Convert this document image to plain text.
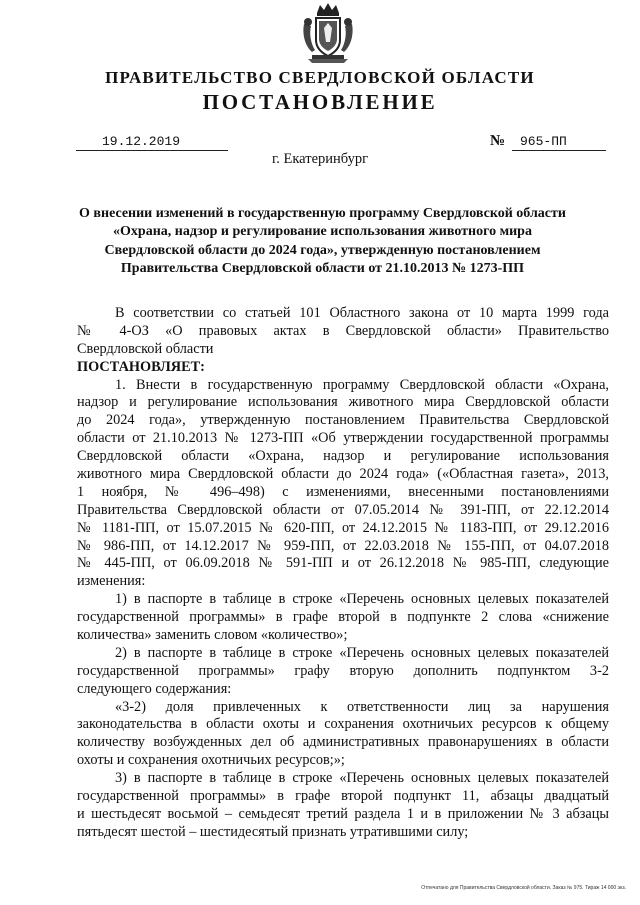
ПРАВИТЕЛЬСТВО СВЕРДЛОВСКОЙ ОБЛАСТИ
ПОСТАНОВЛЕНИЕ
19.12.2019	№	965-ПП
г. Екатеринбург
О внесении изменений в государственную программу Свердловской области
«Охрана, надзор и регулирование использования животного мира
Свердловской области до 2024 года», утвержденную постановлением
Правительства Свердловской области от 21.10.2013 № 1273-ПП
В соответствии со статьей 101 Областного закона от 10 марта 1999 года
№ 4-ОЗ «О правовых актах в Свердловской области» Правительство
Свердловской области
ПОСТАНОВЛЯЕТ:
1. Внести в государственную программу Свердловской области «Охрана,
надзор и регулирование использования животного мира Свердловской области
до 2024 года», утвержденную постановлением Правительства Свердловской
области от 21.10.2013 № 1273-ПП «Об утверждении государственной программы
Свердловской области «Охрана, надзор и регулирование использования
животного мира Свердловской области до 2024 года» («Областная газета», 2013,
1 ноября, № 496–498) с изменениями, внесенными постановлениями
Правительства Свердловской области от 07.05.2014 № 391-ПП, от 22.12.2014
№ 1181-ПП, от 15.07.2015 № 620-ПП, от 24.12.2015 № 1183-ПП, от 29.12.2016
№ 986-ПП, от 14.12.2017 № 959-ПП, от 22.03.2018 № 155-ПП, от 04.07.2018
№ 445-ПП, от 06.09.2018 № 591-ПП и от 26.12.2018 № 985-ПП, следующие
изменения:
1) в паспорте в таблице в строке «Перечень основных целевых показателей
государственной программы» в графе второй в подпункте 2 слова «снижение
количества» заменить словом «количество»;
2) в паспорте в таблице в строке «Перечень основных целевых показателей
государственной программы» графу вторую дополнить подпунктом 3-2
следующего содержания:
«3-2) доля привлеченных к ответственности лиц за нарушения
законодательства в области охоты и сохранения охотничьих ресурсов к общему
количеству возбужденных дел об административных правонарушениях в области
охоты и сохранения охотничьих ресурсов;»;
3) в паспорте в таблице в строке «Перечень основных целевых показателей
государственной программы» в графе второй подпункт 11, абзацы двадцатый
и шестьдесят восьмой – семьдесят третий раздела 1 и в приложении № 3 абзацы
пятьдесят шестой – шестидесятый признать утратившими силу;
Отпечатано для Правительства Свердловской области. Заказ № 975. Тираж 14 000 экз.
